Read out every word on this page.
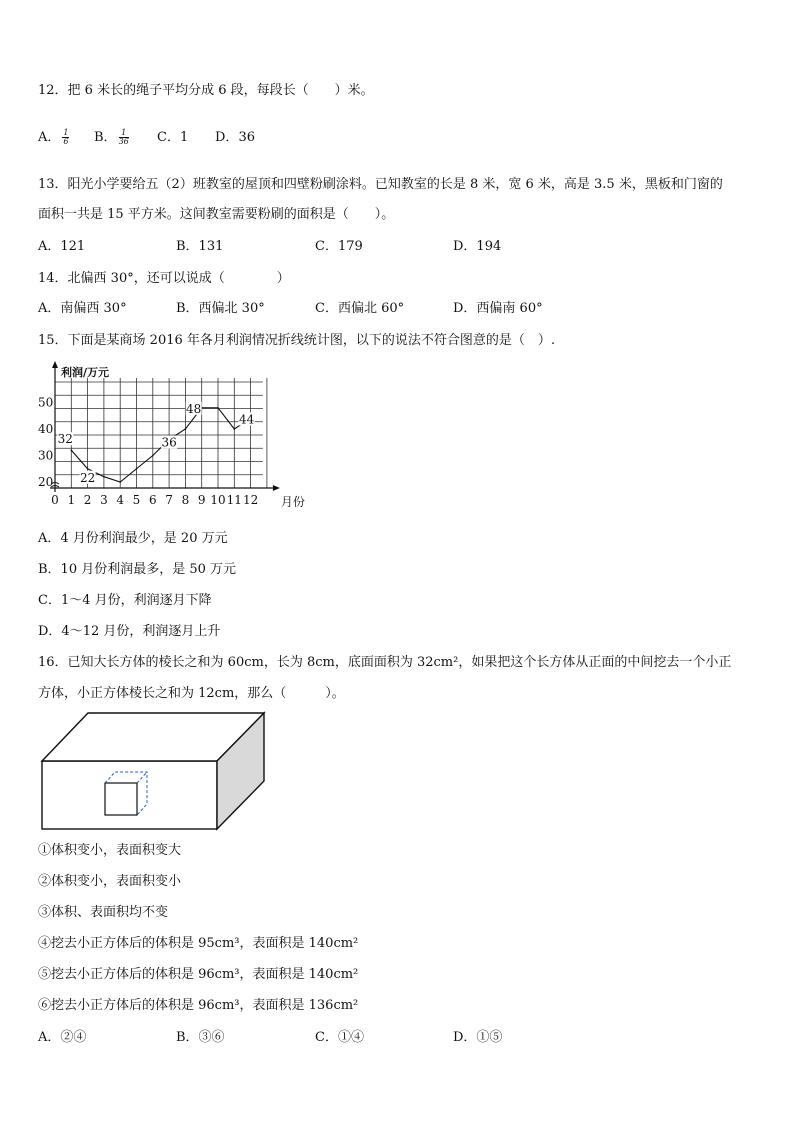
12．把 6 米长的绳子平均分成 6 段，每段长（　　）米。
A． $\frac{1}{6}$ B． $\frac{1}{36}$ C．1 D．36
13．阳光小学要给五（2）班教室的屋顶和四壁粉刷涂料。已知教室的长是 8 米，宽 6 米，高是 3.5 米，黑板和门窗的
面积一共是 15 平方米。这间教室需要粉刷的面积是（　　）。
A．121	B．131	C．179	D．194
14．北偏西 30°，还可以说成（　　　　）
A．南偏西 30°	B．西偏北 30°	C．西偏北 60°	D．西偏南 60°
15．下面是某商场 2016 年各月利润情况折线统计图，以下的说法不符合图意的是（　）.
利润/万元
月份
20
30
40
50
0 1 2 3 4 5 6 7 8 9 10 11 12
32
22
36
48
44
A．4 月份利润最少，是 20 万元
B．10 月份利润最多，是 50 万元
C．1～4 月份，利润逐月下降
D．4～12 月份，利润逐月上升
16．已知大长方体的棱长之和为 60cm，长为 8cm，底面面积为 32cm²，如果把这个长方体从正面的中间挖去一个小正
方体，小正方体棱长之和为 12cm，那么（　　　）。
①体积变小，表面积变大
②体积变小，表面积变小
③体积、表面积均不变
④挖去小正方体后的体积是 95cm³，表面积是 140cm²
⑤挖去小正方体后的体积是 96cm³，表面积是 140cm²
⑥挖去小正方体后的体积是 96cm³，表面积是 136cm²
A．②④	B．③⑥	C．①④	D．①⑤
